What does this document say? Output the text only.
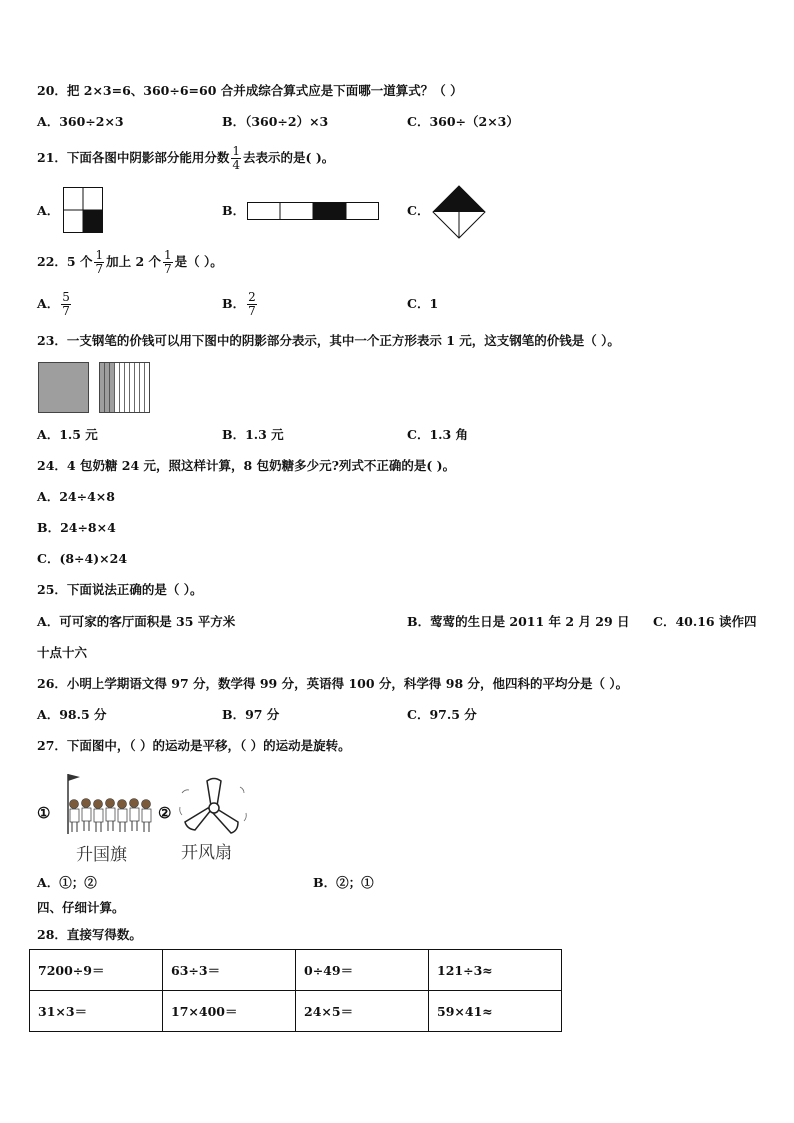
20．把 2×3=6、360÷6=60 合并成综合算式应是下面哪一道算式？（ ）
A．360÷2×3	B．（360÷2）×3	C．360÷（2×3）
21．下面各图中阴影部分能用分数 $\frac{1}{4}$ 去表示的是( )。
A．	B．	C．
22．5 个 $\frac{1}{7}$ 加上 2 个 $\frac{1}{7}$ 是（ ）。
A． $\frac{5}{7}$	B． $\frac{2}{7}$	C．1
23．一支钢笔的价钱可以用下图中的阴影部分表示，其中一个正方形表示 1 元，这支钢笔的价钱是（ ）。
A．1.5 元	B．1.3 元	C．1.3 角
24．4 包奶糖 24 元，照这样计算，8 包奶糖多少元?列式不正确的是( )。
A．24÷4×8
B．24÷8×4
C．(8÷4)×24
25．下面说法正确的是（ ）。
A．可可家的客厅面积是 35 平方米	B．莺莺的生日是 2011 年 2 月 29 日 C．40.16 读作四
十点十六
26．小明上学期语文得 97 分，数学得 99 分，英语得 100 分，科学得 98 分，他四科的平均分是（ ）。
A．98.5 分	B．97 分	C．97.5 分
27．下面图中，（ ）的运动是平移，（ ）的运动是旋转。
①
升国旗
②
开风扇
A．①；②	B．②；①
四、仔细计算。
28．直接写得数。
7200÷9＝	63÷3＝	0÷49＝	121÷3≈
31×3＝	17×400＝	24×5＝	59×41≈
